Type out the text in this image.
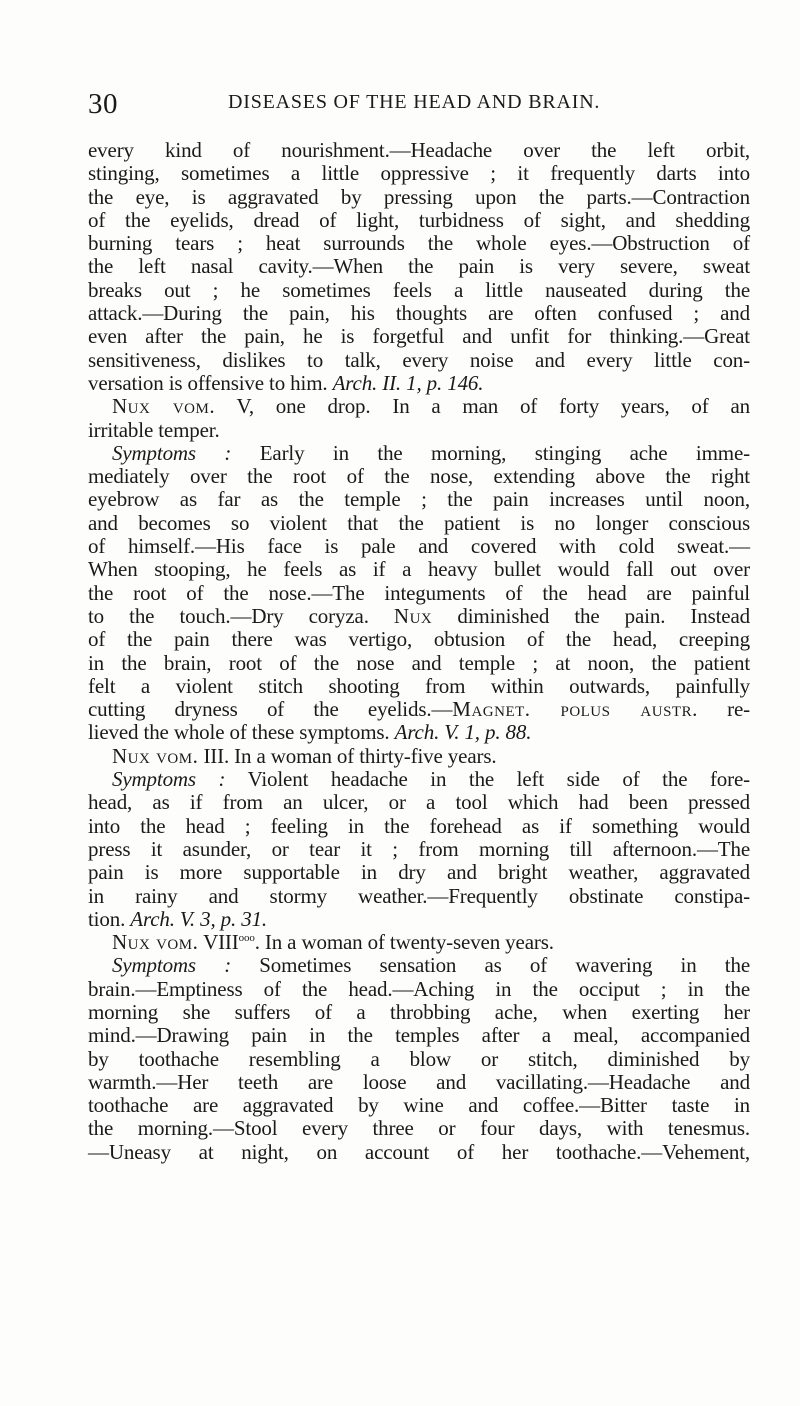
30	DISEASES OF THE HEAD AND BRAIN.
every kind of nourishment.—Headache over the left orbit,
stinging, sometimes a little oppressive ; it frequently darts into
the eye, is aggravated by pressing upon the parts.—Contraction
of the eyelids, dread of light, turbidness of sight, and shedding
burning tears ; heat surrounds the whole eyes.—Obstruction of
the left nasal cavity.—When the pain is very severe, sweat
breaks out ; he sometimes feels a little nauseated during the
attack.—During the pain, his thoughts are often confused ; and
even after the pain, he is forgetful and unfit for thinking.—Great
sensitiveness, dislikes to talk, every noise and every little con-
versation is offensive to him. Arch. II. 1, p. 146.
Nux vom. V, one drop. In a man of forty years, of an
irritable temper.
Symptoms : Early in the morning, stinging ache imme-
mediately over the root of the nose, extending above the right
eyebrow as far as the temple ; the pain increases until noon,
and becomes so violent that the patient is no longer conscious
of himself.—His face is pale and covered with cold sweat.—
When stooping, he feels as if a heavy bullet would fall out over
the root of the nose.—The integuments of the head are painful
to the touch.—Dry coryza. Nux diminished the pain. Instead
of the pain there was vertigo, obtusion of the head, creeping
in the brain, root of the nose and temple ; at noon, the patient
felt a violent stitch shooting from within outwards, painfully
cutting dryness of the eyelids.—Magnet. polus austr. re-
lieved the whole of these symptoms. Arch. V. 1, p. 88.
Nux vom. III. In a woman of thirty-five years.
Symptoms : Violent headache in the left side of the fore-
head, as if from an ulcer, or a tool which had been pressed
into the head ; feeling in the forehead as if something would
press it asunder, or tear it ; from morning till afternoon.—The
pain is more supportable in dry and bright weather, aggravated
in rainy and stormy weather.—Frequently obstinate constipa-
tion. Arch. V. 3, p. 31.
Nux vom. $VIII^{ooo}$. In a woman of twenty-seven years.
Symptoms : Sometimes sensation as of wavering in the
brain.—Emptiness of the head.—Aching in the occiput ; in the
morning she suffers of a throbbing ache, when exerting her
mind.—Drawing pain in the temples after a meal, accompanied
by toothache resembling a blow or stitch, diminished by
warmth.—Her teeth are loose and vacillating.—Headache and
toothache are aggravated by wine and coffee.—Bitter taste in
the morning.—Stool every three or four days, with tenesmus.
—Uneasy at night, on account of her toothache.—Vehement,
